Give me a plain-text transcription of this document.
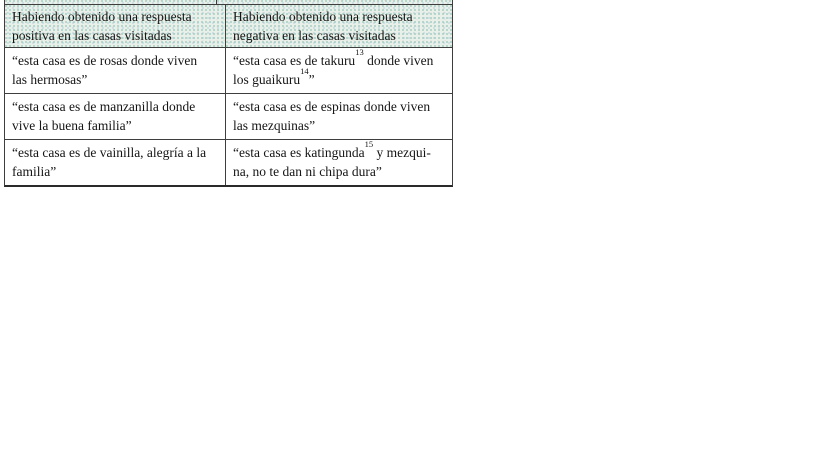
Habiendo obtenido una respuesta
positiva en las casas visitadas
Habiendo obtenido una respuesta
negativa en las casas visitadas
“esta casa es de rosas donde viven
las hermosas”
“esta casa es de takuru$^{13}$ donde viven
los guaikuru$^{14}$”
“esta casa es de manzanilla donde
vive la buena familia”
“esta casa es de espinas donde viven
las mezquinas”
“esta casa es de vainilla, alegría a la
familia”
“esta casa es katingunda$^{15}$ y mezqui-
na, no te dan ni chipa dura”
